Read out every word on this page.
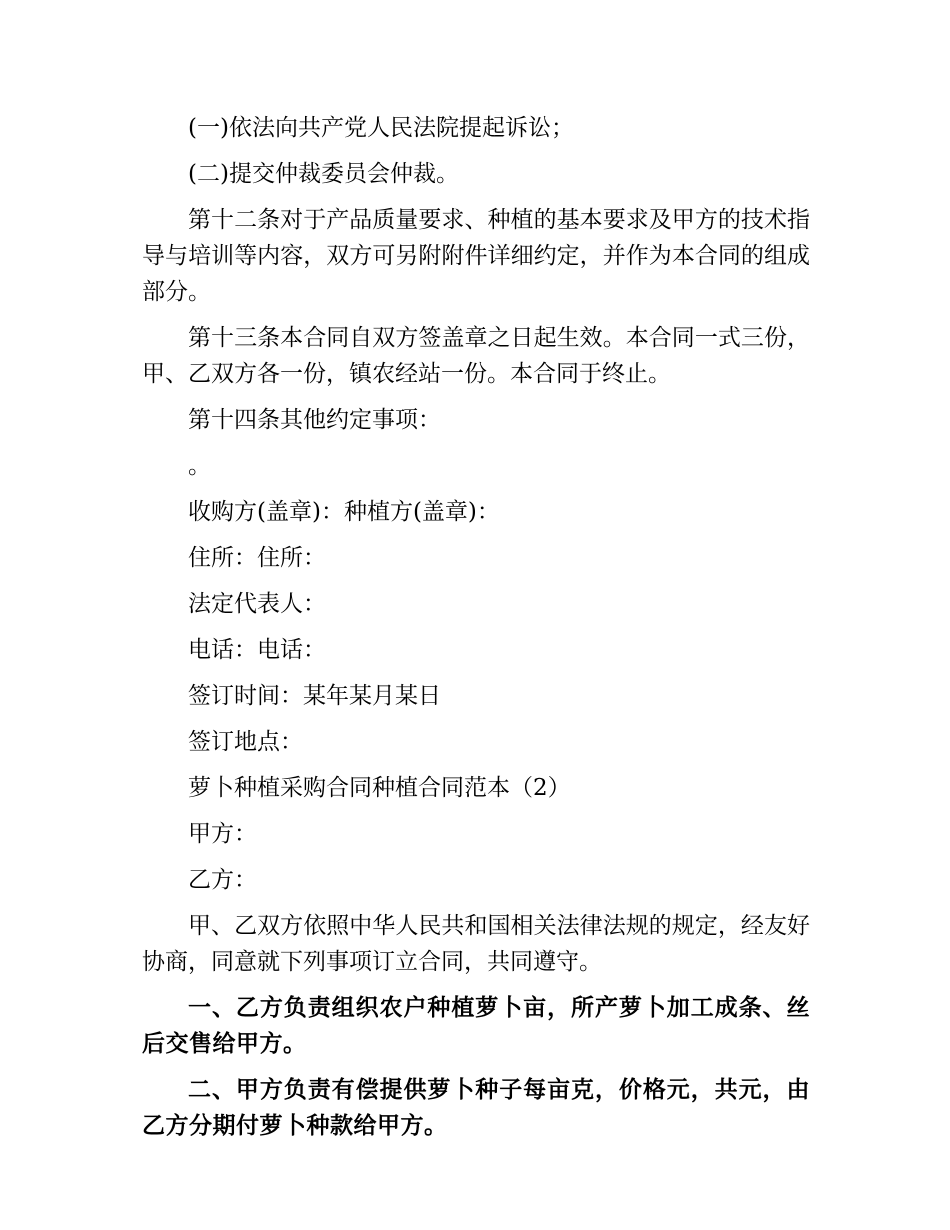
(一)依法向共产党人民法院提起诉讼；

(二)提交仲裁委员会仲裁。

第十二条对于产品质量要求、种植的基本要求及甲方的技术指导与培训等内容，双方可另附附件详细约定，并作为本合同的组成部分。

第十三条本合同自双方签盖章之日起生效。本合同一式三份，甲、乙双方各一份，镇农经站一份。本合同于终止。

第十四条其他约定事项：

。

收购方(盖章)：种植方(盖章)：

住所：住所：

法定代表人：

电话：电话：

签订时间：某年某月某日

签订地点：

萝卜种植采购合同种植合同范本（2）

甲方：

乙方：

甲、乙双方依照中华人民共和国相关法律法规的规定，经友好协商，同意就下列事项订立合同，共同遵守。

一、乙方负责组织农户种植萝卜亩，所产萝卜加工成条、丝后交售给甲方。

二、甲方负责有偿提供萝卜种子每亩克，价格元，共元，由乙方分期付萝卜种款给甲方。
